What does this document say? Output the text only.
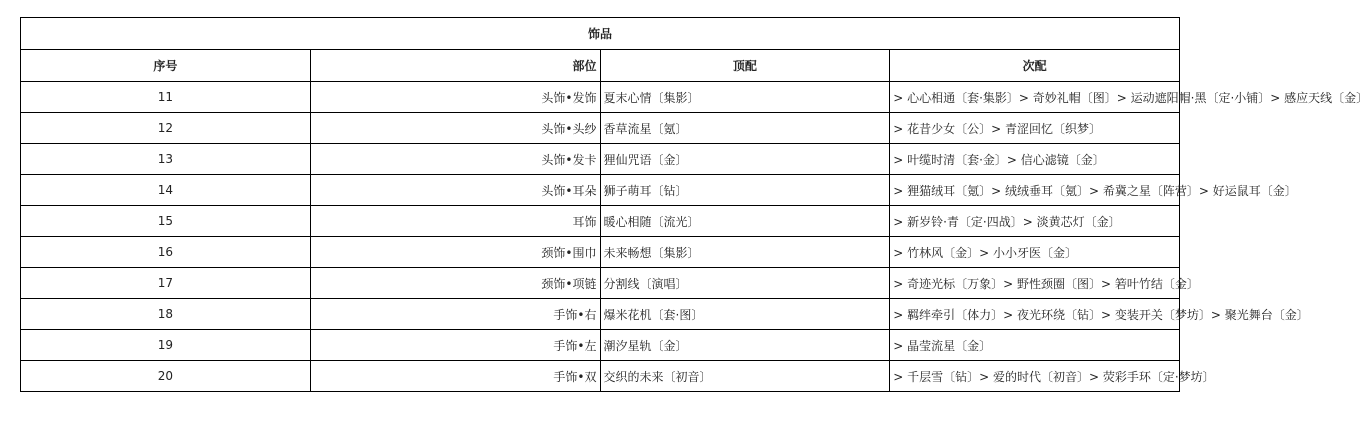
饰品			
序号	部位	顶配	次配
11	头饰•发饰	夏末心情〔集影〕	> 心心相通〔套·集影〕> 奇妙礼帽〔图〕> 运动遮阳帽·黑〔定·小铺〕> 感应天线〔金〕
12	头饰•头纱	香草流星〔氪〕	> 花昔少女〔公〕> 青涩回忆〔织梦〕
13	头饰•发卡	狸仙咒语〔金〕	> 叶缆时清〔套·金〕> 信心滤镜〔金〕
14	头饰•耳朵	狮子萌耳〔钻〕	> 狸猫绒耳〔氪〕> 绒绒垂耳〔氪〕> 希冀之星〔阵营〕> 好运鼠耳〔金〕
15	耳饰	暖心相随〔流光〕	> 新岁铃·青〔定·四战〕> 淡黄芯灯〔金〕
16	颈饰•围巾	未来畅想〔集影〕	> 竹林风〔金〕> 小小牙医〔金〕
17	颈饰•项链	分割线〔演唱〕	> 奇迹光标〔万象〕> 野性颈圈〔图〕> 箬叶竹结〔金〕
18	手饰•右	爆米花机〔套·图〕	> 羁绊牵引〔体力〕> 夜光环绕〔钻〕> 变装开关〔梦坊〕> 聚光舞台〔金〕
19	手饰•左	潮汐星轨〔金〕	> 晶莹流星〔金〕
20	手饰•双	交织的未来〔初音〕	> 千层雪〔钻〕> 爱的时代〔初音〕> 荧彩手环〔定·梦坊〕
